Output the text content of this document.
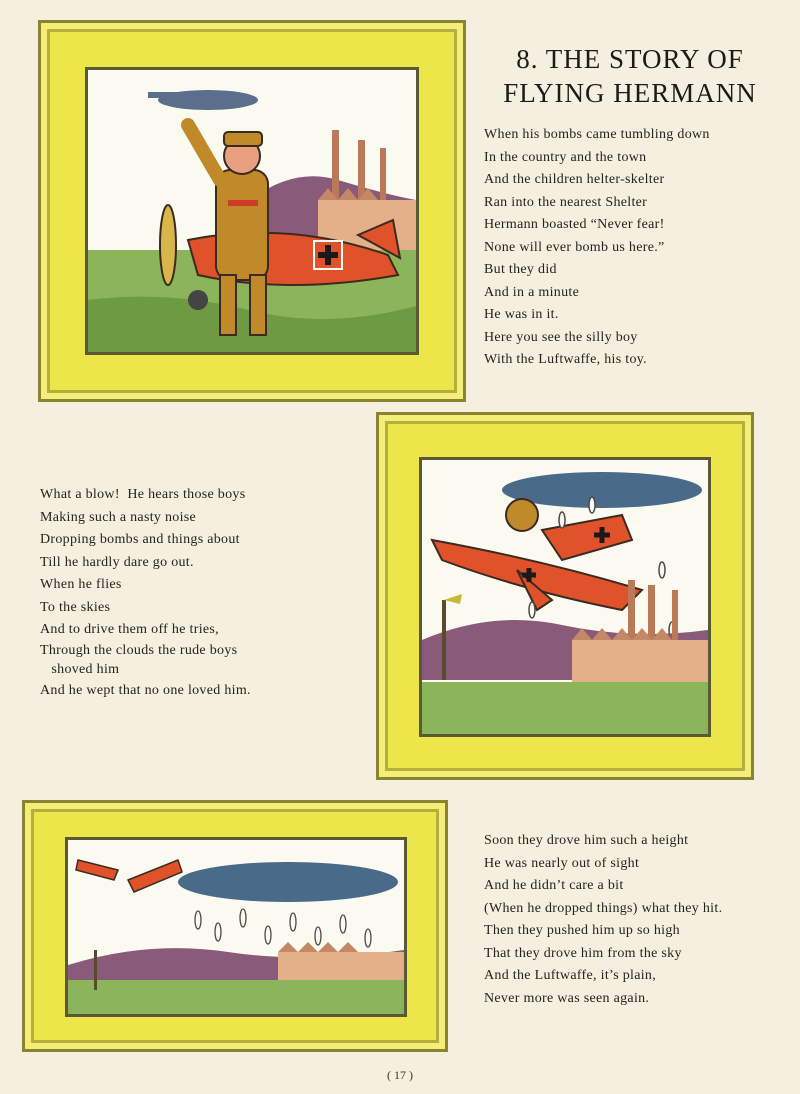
8. THE STORY OF
FLYING HERMANN
When his bombs came tumbling down
In the country and the town
And the children helter-skelter
Ran into the nearest Shelter
Hermann boasted “Never fear!
None will ever bomb us here.”
But they did
And in a minute
He was in it.
Here you see the silly boy
With the Luftwaffe, his toy.
What a blow!  He hears those boys
Making such a nasty noise
Dropping bombs and things about
Till he hardly dare go out.
When he flies
To the skies
And to drive them off he tries,
Through the clouds the rude boys
shoved him
And he wept that no one loved him.
Soon they drove him such a height
He was nearly out of sight
And he didn’t care a bit
(When he dropped things) what they hit.
Then they pushed him up so high
That they drove him from the sky
And the Luftwaffe, it’s plain,
Never more was seen again.
( 17 )
